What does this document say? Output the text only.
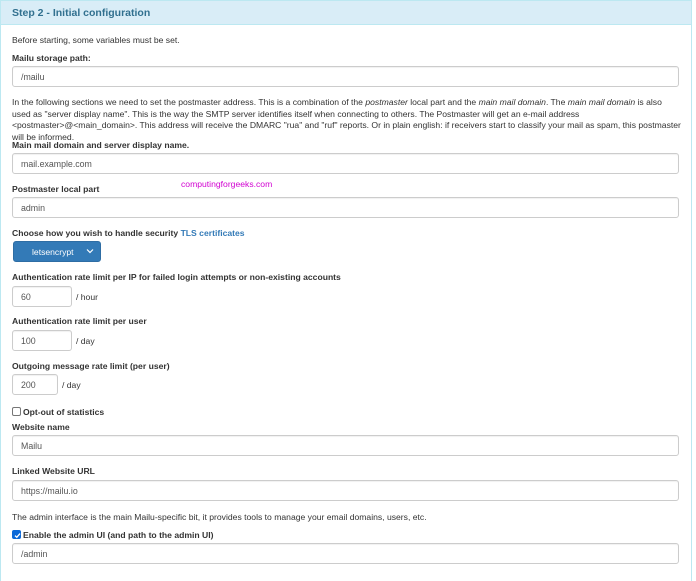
Step 2 - Initial configuration
Before starting, some variables must be set.
Mailu storage path:
/mailu
In the following sections we need to set the postmaster address. This is a combination of the postmaster local part and the main mail domain. The main mail domain is also used as "server display name". This is the way the SMTP server identifies itself when connecting to others. The Postmaster will get an e-mail address <postmaster>@<main_domain>. This address will receive the DMARC "rua" and "ruf" reports. Or in plain english: if receivers start to classify your mail as spam, this postmaster will be informed.
Main mail domain and server display name.
mail.example.com
computingforgeeks.com
Postmaster local part
admin
Choose how you wish to handle security TLS certificates
letsencrypt
Authentication rate limit per IP for failed login attempts or non-existing accounts
60	/ hour
Authentication rate limit per user
100	/ day
Outgoing message rate limit (per user)
200	/ day
Opt-out of statistics
Website name
Mailu
Linked Website URL
https://mailu.io
The admin interface is the main Mailu-specific bit, it provides tools to manage your email domains, users, etc.
Enable the admin UI (and path to the admin UI)
/admin
